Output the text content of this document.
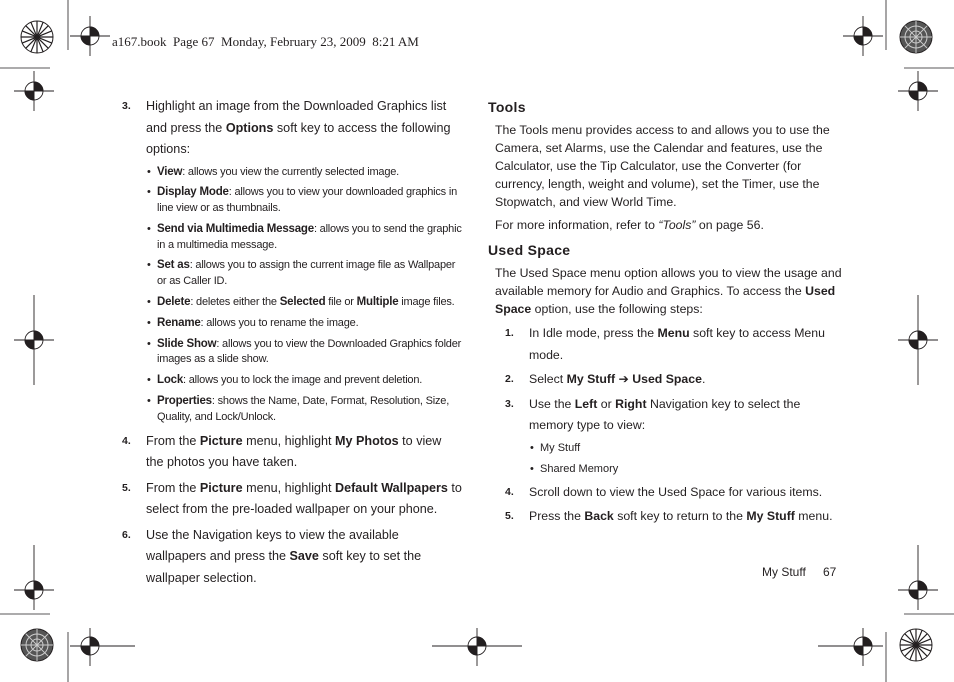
a167.book  Page 67  Monday, February 23, 2009  8:21 AM
3. Highlight an image from the Downloaded Graphics list and press the Options soft key to access the following options:
• View: allows you view the currently selected image.
• Display Mode: allows you to view your downloaded graphics in line view or as thumbnails.
• Send via Multimedia Message: allows you to send the graphic in a multimedia message.
• Set as: allows you to assign the current image file as Wallpaper or as Caller ID.
• Delete: deletes either the Selected file or Multiple image files.
• Rename: allows you to rename the image.
• Slide Show: allows you to view the Downloaded Graphics folder images as a slide show.
• Lock: allows you to lock the image and prevent deletion.
• Properties: shows the Name, Date, Format, Resolution, Size, Quality, and Lock/Unlock.
4. From the Picture menu, highlight My Photos to view the photos you have taken.
5. From the Picture menu, highlight Default Wallpapers to select from the pre-loaded wallpaper on your phone.
6. Use the Navigation keys to view the available wallpapers and press the Save soft key to set the wallpaper selection.
Tools
The Tools menu provides access to and allows you to use the Camera, set Alarms, use the Calendar and features, use the Calculator, use the Tip Calculator, use the Converter (for currency, length, weight and volume), set the Timer, use the Stopwatch, and view World Time.
For more information, refer to “Tools” on page 56.
Used Space
The Used Space menu option allows you to view the usage and available memory for Audio and Graphics. To access the Used Space option, use the following steps:
1. In Idle mode, press the Menu soft key to access Menu mode.
2. Select My Stuff ➔ Used Space.
3. Use the Left or Right Navigation key to select the memory type to view:
• My Stuff
• Shared Memory
4. Scroll down to view the Used Space for various items.
5. Press the Back soft key to return to the My Stuff menu.
My Stuff 67
